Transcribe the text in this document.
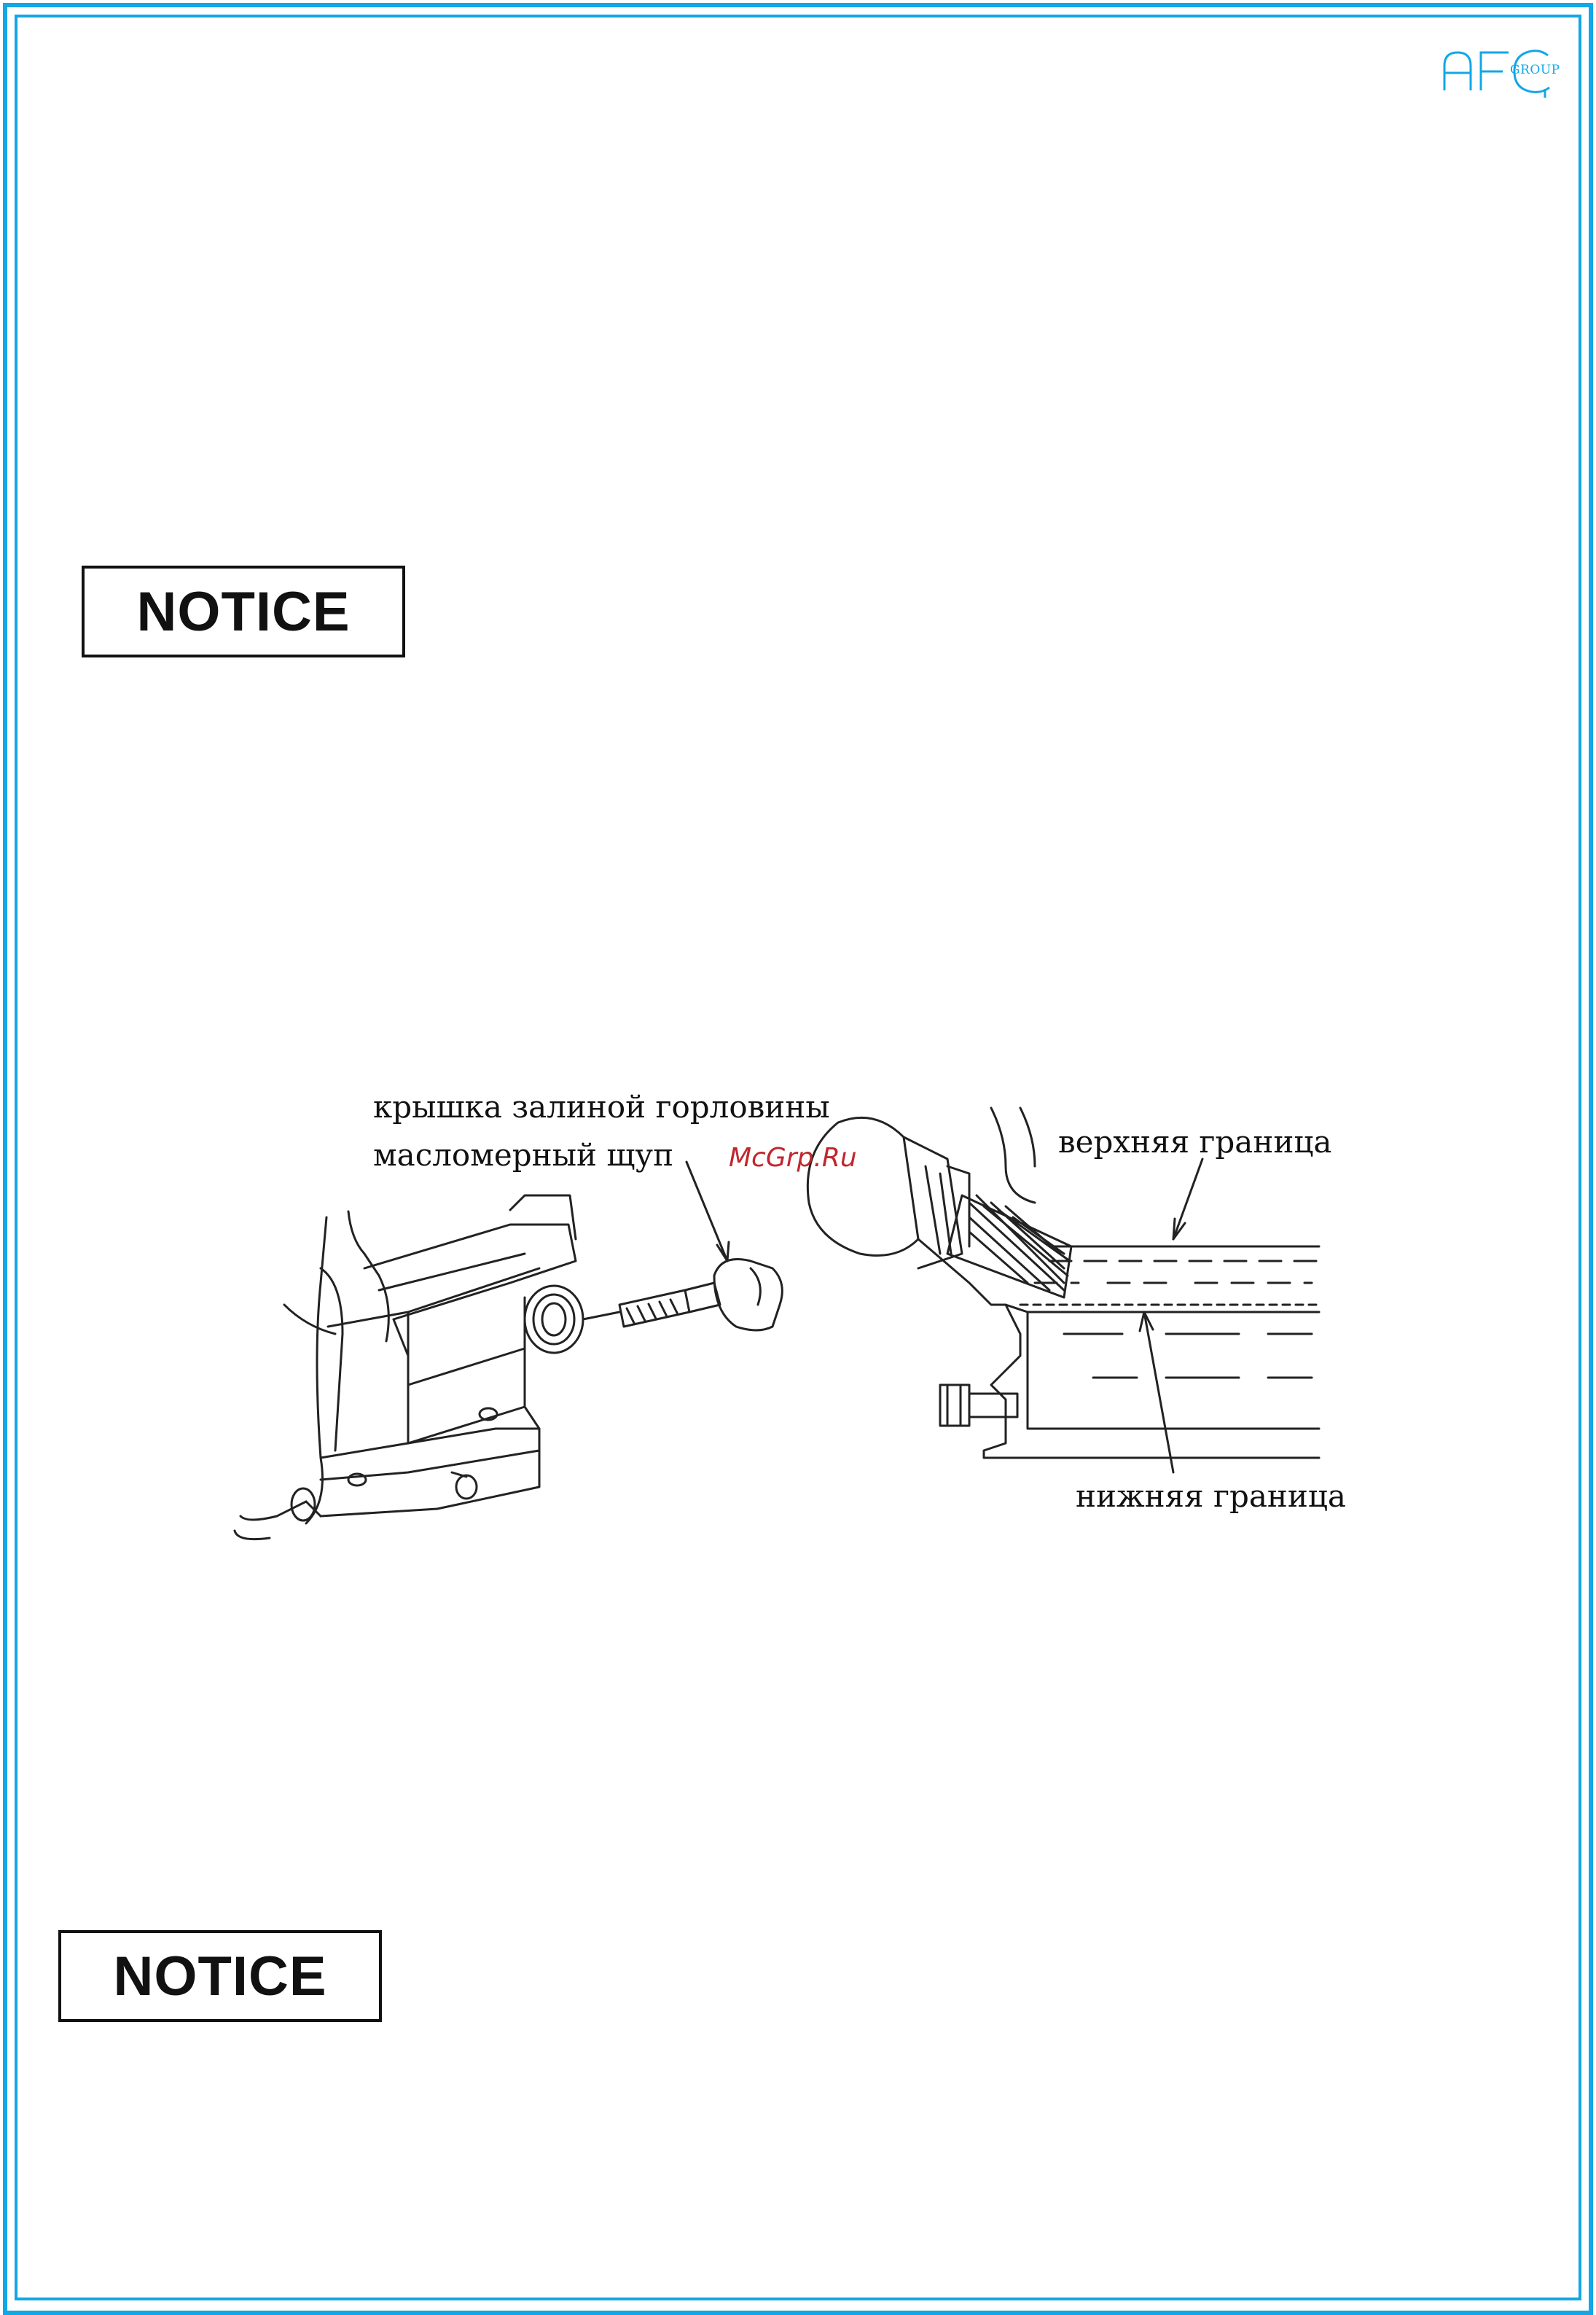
GROUP
NOTICE
NOTICE
крышка залиной горловины
масломерный щуп McGrp.Ru	верхняя граница
нижняя граница
